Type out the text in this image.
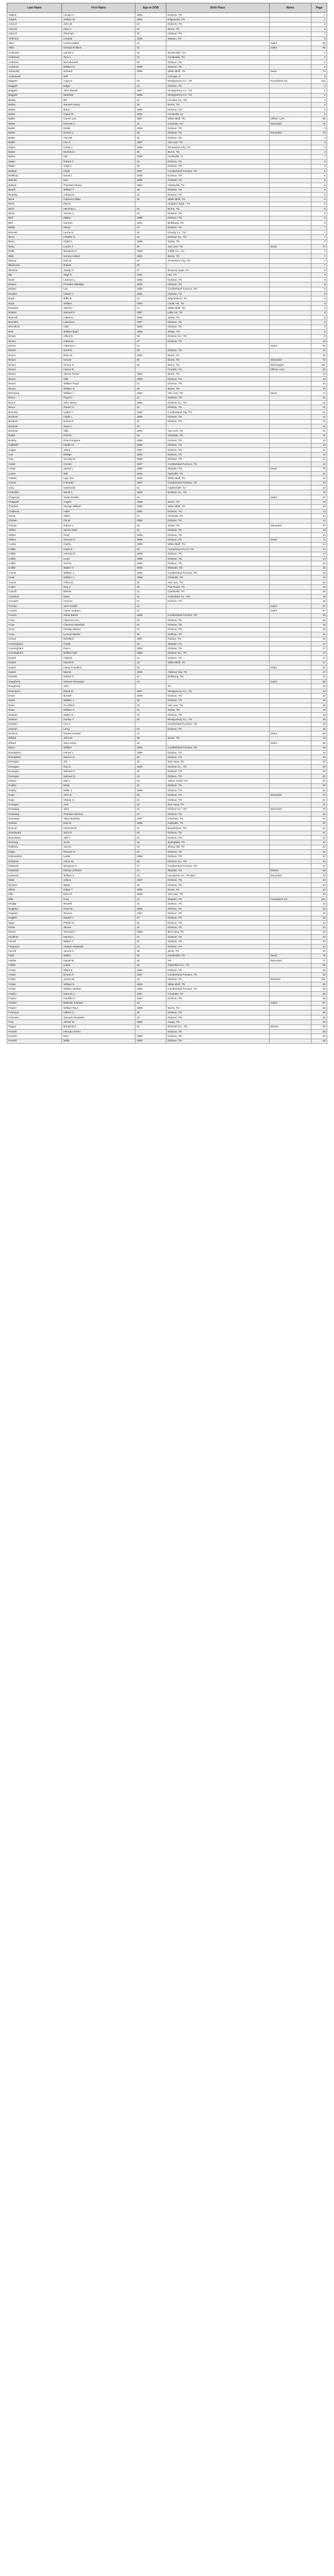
Last Name	First Name	Age or DOB	Birth Place	Notes	Page
Adams	Lucian H.	1892	Dickson, TN		1
Adams	William M.	1891	Edgewood, TN		2
Adcock	John M.	22	Dickson, TN		2
Adcock	Dow C.	24	Burns, TN		3
Adcock	Sherman	25	Dickson, TN		3
Alderson	Creasie	1894	Staxton, TN		3
Allen	Creson Bates	21		Sailor	66
Allen	George Erskine	21		Sailor	66
Anderson	Harold V.	19	Studenville, OH		2
Anderson	Terry L.	21	Centerville, TN		2
Andrews	Bert Barnard	28	Dickson, TN		2
Andrews	William D.	1895	Dickson, TN		2
Ashworth	Richard	1895	White Bluff, TN	Dead	74
Austerwelt	Will		Chicago, IL		2
Baggett	Cage D.	20	Montgomery Co., TN	Fraudulent enl.	101
Baggett	Edgar	19	Dickson, TN		2
Baggett	John Newell	1897	Montgomery Co., TN		2
Baggett	Marshall	1896	Montgomery Co., TN		2
Bailey	Bill	24	Houston Co., TN		3
Bailey	Samuel Henry	28	Burns, TN		3
Baker	Boren	1896	Dickson, TN		3
Baker	Claud W.	1893	Huntsville, AL		3
Baker	Comer Lee	1897	White Bluff, TN	Officer, USA	60
Baker	Earnest C.	24	Charlotte, TN	Wounded	73
Baker	Eddie	1895	Dickson, TN		3
Baker	Ernest C.	25	Dickson, TN	Wounded	70
Baker	Herchel	26	Dickson, TN		4
Baker	Lee H.	1897	Van Leer, TN		4
Baker	Leslie J.	1896	Tennessee City, TN		4
Baker	Morland A.	25	Burns, TN		4
Baker	Nat	1896	Huntsville, AL		4
Baker	Robert T.	21	Dickson, TN		5
Baker	Virgil C.	25	Dickson, TN		5
Ballard	Clyde	1897	Cumberland Furnace, TN		5
Balthrop	David L.	1896	Dickson, TN		5
Barnett	Dee	1896	Graham, TN		5
Batson	Thomas Harvey	1891	Clarksville, TN		5
Beard	William T.	29	Dickson, TN		5
Beasley	Aubrey B.	19	Dickson, TN		5
Beck	Clarence Miller	20	White Bluff, TN		6
Beck	Earl E.		Kingston Spgs., TN		6
Beck	Henchey L.	24	Burns, TN		6
Beck	Vernon A.	21	Dickson, TN		6
Bell	Dalton	1896	Dickson, TN		6
Bell	Norman	1891	Bellsburg, TN		6
Bellar	Henry	27	Dickson, TN		7
Bennett	Leone D.	25	Grundy Co., TN		7
Berry	Charles G.	24	Dickson Co., TN		7
Berry	Klyde K.	1896	Sylvia, TN		7
Berry	Lucien T.	25	Van Leer, TN	Dead	73
Betts	Benjamin C.	1888	Gaffie Co., GA		7
Bibb	Dorsey Hubert	1892	Burns, TN		7
Bishop	Earl W.	25	Tennessee City, TN		7
Blackmon	Robert	20			7
Bledsoe	Steely G.	27	Bar(xxx) Apps, TN		8
Bly	Virgil R.	1891	Nin, TN		8
Bone	Leamon L.	1896	Dickson, TN		8
Bowen	Floredee Eldridge	1896	Dickson, TN		8
Bowen	Lee	1896	Cumberland Furnace, TN		8
Bowker	Hubert J.	1891	Dickson, TN		8
Boyd	Biffle B.	24	Waynesboro, TN		8
Boyd	William	1893	Cedar Hill, TN		8
Bramlett	Albert A.	21	White Bluff, TN		9
Bratton	Samuel P.	1897	Little Lot, TN		9
Brazzell	Clarence	1896	Sylvia, TN		9
Breeden	Lawrence	1897	Dickson, TN		9
Breedlove	Hide	1893	Dickson, TN		9
Britt	William Boyd	1896	Shiloh, TN		9
Brown	Alfred D.	29	Dickson Co., TN		9
Brown	Clarence	27	Dickson, TN		10
Brown	Clarence L.	21		Sailor	66
Brown	Cecil N.	26	Dickson, TN		10
Brown	Elton M.	1892	Burns, TN		10
Brown	Grover	26	Burns, TN	Wounded	70
Brown	Grover C.	24	Burns, TN	Discharged	101
Brown	Homer B.		Franklin, TN	Officer, USA	60
Brown	James Turner	1892	Burns, TN		10
Brown	Ollie	1896	Dickson, TN		10
Brown	William Floyd	22	Dickson, TN		10
Brown	William G.	26	Burns, TN		10
Browning	William L.	1892	Van Leer, TN	Dead	74
Bruce	Floyd C.	21	Dickson, TN		11
Bruce	John Henry	1896	Dickson Co., TN		11
Bruce	Robert H.	24	Dickson, TN		11
Brunson	Luther T.	1892	Cumberland City, TN		11
Buckner	Clyde L.	1896	Dickson, TN		11
Buckner	Ernest H.	21	Dickson, TN		11
Buckner	Isaac A.	23			11
Buckner	Ollie	1891	Van Leer, TN		11
Butler	Fred B.	25	Charlotte, TN		11
Butlrey	Elvers Eugene	1896	Dickson, TN		12
Caldwell	Hardin H.	1896	Dickson, TN		12
Capps	Albert	1897	Dickson, TN		12
Carr	Elridge	1893	Dickson, TN		12
Carr	Timothy D.	1895	Dickson, TN		12
Carter	Connie	1897	Cumberland Furnace, TN		12
Carter	James L.	1895	Slayden, TN	Dead	75
Carter	Will	1893	Nashville, TN		12
Cartlen	Lige Alex	1894	White Bluff, TN		13
Carver	Freeman	1897	Cumberland Furnace, TN		13
Cary	Garland B.	21	Hopkinsville, KY		13
Chandler	David C.	1892	Dickson Co., TN		13
Chapman	Vivian Estelle	24		Sailor	67
Chappell	Angelo	1896	Burns, TN		13
Charlton	George William	1896	White Bluff, TN		13
Childress	Hollie	1893	Dickson, TN		13
Choat	Alden	27	Charlotte, TN		14
Choate	Oscar	1896	Dickson, TN		14
Choate	Robert L.	25	Sylvia, TN	Wounded	70
Clifton	James Noel	21	Dickson, TN		14
Clifton	Pearl	1896	Dickson, TN		14
Clifton	Samuel O.	1895	Dickson, TN	Dead	74
Cocke	Carley	1895	White Bluff, TN		14
Collier	Clyde E.	26	Humphreys Co.(?), TN		14
Collier	Herman B.	1889	Dickson, TN		14
Collier	Louis	1896	Dickson, TN		14
Collier	Vernon	1896	Dickson, TN		15
Collier	Walter H.	1896	McEwen, TN		15
Comer	William J.	1894	Cumberland Furnace, TN		15
Cook	William C.	1896	Charlotte, TN		15
Coone	Arthur B.	25	Van Leer, TN		15
Cotter	Guy C.	20	Port Royal, TN		15
Cowell	Marvin	21	Clarksville, TN		15
Crawford	Dave	24	Greenbrier Co., WV		15
Crockett	Herman	23	Dickson, TN		16
Crosby	Joe Franklin	23		Sailor	67
Crotzer	Carter Graham	24		Sailor	67
Crouch	Rufus Edwin	1896	Cumberland Furnace, TN		16
Crow	Clarence Lee	24	Dickson, TN		16
Crow	Clarence Marshall	24	Dickson, TN		16
Crow	George Marion	21	Dickson, TN		16
Crow	Lemuel Burket	26	Dickson, TN		16
Crows	Ethelbert	1897	Pardue, TN		16
Cunningham	Paulie	22	Slayden, TN		17
Cunningham	Paul L.	1893	Dickson, TN		17
Cunningham	William Noll	1896	Dickson Co., TN		17
Daniel	Clanton	21	Dickson, TN		17
Daniel	Harvel R.	19	White Bluff, TN		17
Daniel	Henry Crawford	20		Sailor	67
Daniel	Mamie	1896	Ashland City, TN		17
Daniels	Robert T.	21	Bellsburg, TN		17
Daugherty	Samuel Alexander	21		Sailor	69
Daugherty	Abel		TN		18
Davenport	David W.	1897	Montgomery Co., TN		18
Davis	Booker	1896	Dickson, TN		18
Davis	William J.	26	Dickson, TN		18
Dean	Ira Clifton	22	Van Leer, TN		18
Dean	William H.	21	Sylvia, TN		18
Deason	Walter E.	24	Dickson, TN		18
Deason	Dudley T.	26	Montgomery Co., TN		19
Deason	Lee V.		Cumberland Furnace, TN		19
Deason	Leroy	22	Dickson, TN		19
Dickson	Ronnie Newton	21		Sailor	68
Dillard	John W.	26	Burns, TN		19
Dillard	Sam Henry	24		Sailor	69
Dixon	William	1892	Cumberland Furnace, TN		19
Donaldson	Homer L.	1895	Dickson, TN		19
Donaldson	Warren G.	20	Dickson, TN		20
Donegan	Jim	22	Bon Aqua, TN		20
Donegan	Roy D.	1896	Dickson Co., TN		20
Donegan	Samuel O.	19	Dickson, TN		20
Donegan	Samuel Q.	23	Dickson, TN		20
Dotson	Dell L.	19	Yellow Creek, TN		20
Dudley	Mack	22	Dickson, TN		20
Dudley	Willie J.	1895	Dickson, TN		20
Duke	John D.	25	Dickson, TN	Wounded	70
Duke	Orbrey C.	21	Dickson, TN		21
Dunagan	Alva	22	Bon Aqua, TN		21
Dunaway	John	23	Dickson Co., TN	Wounded	70
Dunaway	Thomas Jackson	22	Dickson, TN		21
Dunaway	Toby Mckinley	1897	Charlotte, TN		21
Dunbar	Earl M.	1889	Nashville, TN		21
Duncan	Herschel M.	21	Beardstown, TN		21
Dunnavant	John D.	20	Dickson, TN		21
Dunnaway	Jeff T.	22	Dickson, TN		22
Dunning	Scott	19	Springfield, TN		22
Eatherly	Joe M.	19	Sheep Hill, TN		22
Edgin	Richard H.	23	Dickson, TN		22
Edmondson	Leslie	1896	Dickson, TN		22
Edwards	Arthur M.	29	Dickson Co., TN		22
Edwards	Benjamin Z.	27	Cumberland Furnace, TN		22
Edwards	Dewey Johnson	21	Slayden, TN	Marine	63
Edwards	William E.	22	Humphries Co., TN [sic]	Wounded	70
Elder	Wilson	1897	Dickson, TN		23
Eleazer	Wade	26	Dickson, TN		23
Elliott	Edgar T.	1893	Burns, TN		23
Ellis	Elmo R.	1893	Van Leer, TN		23
Ellis	Fred	21	Slayden, TN	Fraudulent enl.	101
Elridge	Russell	21	Dickson, TN		23
England	Orval M.	1896	Dickson, TN		23
England	Zimmer	1897	Dickson, TN		23
English	Daniel A.	27	Dickson, TN		24
Epps	Phebin D.	24	Dickson, TN		24
Estes	James	24	Dickson, TN		24
Evans	Thomas C.	1896	Bon Aqua, TN		24
Faulkner	Harvey L.	27	Dickson, TN		24
Ferrell	Walter T.	24	Dickson, TN		24
Ferguson	Joseph Headwell	21	Dickson, TN		24
Ferrell	James H.	25	Silver, TN		24
Field	Walter	25	Centerville, TN	Dead	75
Fielder	Daniel M.	26	AR	Wounded	71
Fields	Caleb	22	Robertson Co., TN		25
Foster	Elbert E.	1891	Dickson, TN		25
Foster	Ernest R.	1897	Cumberland Furnace, TN		25
Foster	James W.	22	Dickson, TN	Deserter	101
Foster	William E.	1896	White Bluff, TN		25
Foster	William Herbert	1896	Cumberland Furnace, TN		25
Frazier	Norman J.	1897	Charlotte, TN		25
Frazier	Franklin C.	1897	Dickson, TN		25
Frazier	Malcolm Graham	23		Sailor	67
Frazier	William Paul	1896	Burns, TN		26
Freeman	Gilbert O.	25	Dickson, TN		26
Freeman	Samuel Alexander	19	Dickson, TN		26
Frey	Johnie W.	1888	Cargo, TN		26
Fugua	Benjamin F.	24	McEwen Co., TN	Marine	63
Fussell	Herman Green		Dickson, TN		26
Fussell	Ned	1896	Dickson, TN		26
Fussell	Willie	1895	Dickson, TN		26
